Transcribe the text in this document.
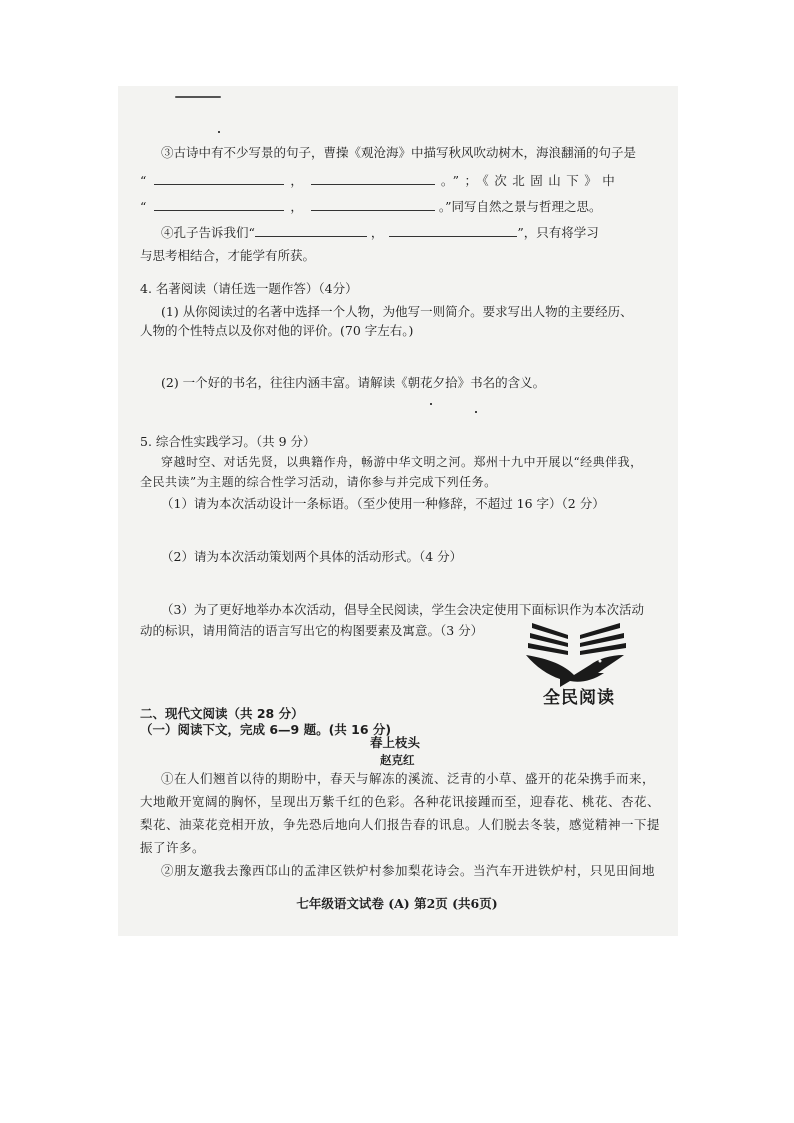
③古诗中有不少写景的句子，曹操《观沧海》中描写秋风吹动树木，海浪翻涌的句子是
“	，	。”；《次北固山下》中
“	，	。”同写自然之景与哲理之思。
④孔子告诉我们“	，	”，只有将学习
与思考相结合，才能学有所获。
4. 名著阅读（请任选一题作答）（4分）
(1) 从你阅读过的名著中选择一个人物，为他写一则简介。要求写出人物的主要经历、
人物的个性特点以及你对他的评价。(70 字左右。)
(2) 一个好的书名，往往内涵丰富。请解读《朝花夕拾》书名的含义。
5. 综合性实践学习。（共 9 分）
穿越时空、对话先贤，以典籍作舟，畅游中华文明之河。郑州十九中开展以“经典伴我，
全民共读”为主题的综合性学习活动，请你参与并完成下列任务。
（1）请为本次活动设计一条标语。（至少使用一种修辞，不超过 16 字）（2 分）
（2）请为本次活动策划两个具体的活动形式。（4 分）
（3）为了更好地举办本次活动，倡导全民阅读，学生会决定使用下面标识作为本次活动
动的标识，请用简洁的语言写出它的构图要素及寓意。（3 分）
全民阅读
二、现代文阅读（共 28 分）
（一）阅读下文，完成 6—9 题。(共 16 分)
春上枝头
赵克红
①在人们翘首以待的期盼中，春天与解冻的溪流、泛青的小草、盛开的花朵携手而来，
大地敞开宽阔的胸怀，呈现出万紫千红的色彩。各种花讯接踵而至，迎春花、桃花、杏花、
梨花、油菜花竞相开放，争先恐后地向人们报告春的讯息。人们脱去冬装，感觉精神一下提
振了许多。
②朋友邀我去豫西邙山的孟津区铁炉村参加梨花诗会。当汽车开进铁炉村，只见田间地
七年级语文试卷 (A) 第2页 (共6页)
